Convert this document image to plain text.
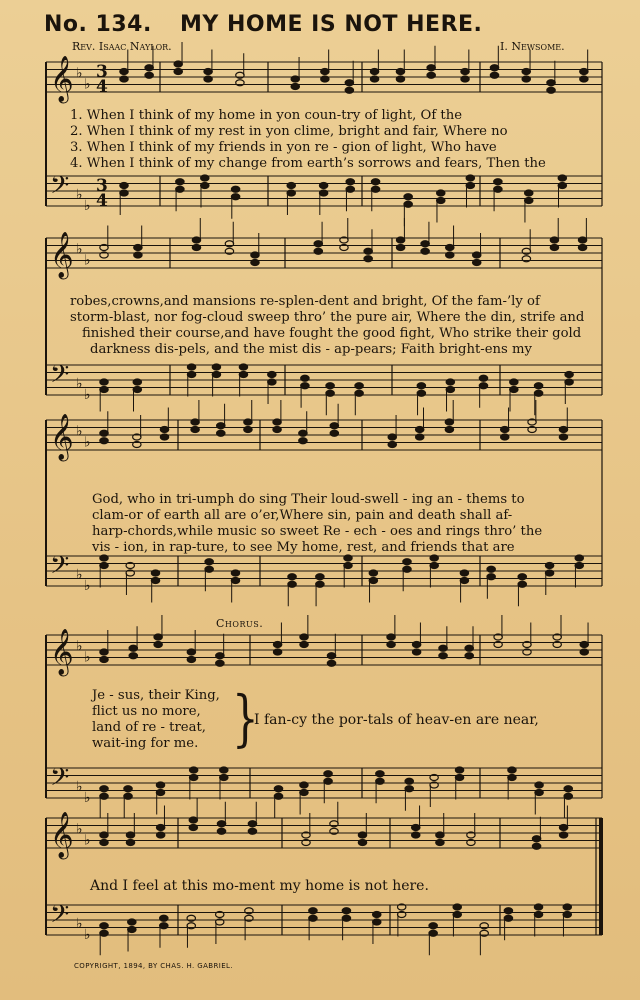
𝄞 ♭
♭
3
4
𝄢 ♭
♭
3
4
𝄞 ♭
♭
𝄢 ♭
♭
𝄞 ♭
♭
𝄢 ♭
♭
𝄞 ♭
♭
𝄢 ♭
♭
𝄞 ♭
♭
𝄢 ♭
♭
No. 134. MY HOME IS NOT HERE.
Rev. Isaac Naylor.	I. Newsome.
1. When I think of my home in yon coun-try of light, Of the
2. When I think of my rest in yon clime, bright and fair, Where no
3. When I think of my friends in yon re - gion of light, Who have
4. When I think of my change from earth’s sorrows and fears, Then the
robes,crowns,and mansions re-splen-dent and bright, Of the fam-’ly of
storm-blast, nor fog-cloud sweep thro’ the pure air, Where the din, strife and
finished their course,and have fought the good fight, Who strike their gold
darkness dis-pels, and the mist dis - ap-pears; Faith bright-ens my
God, who in tri-umph do sing Their loud-swell - ing an - thems to
clam-or of earth all are o’er,Where sin, pain and death shall af-
harp-chords,while music so sweet Re - ech - oes and rings thro’ the
vis - ion, in rap-ture, to see My home, rest, and friends that are
Chorus.
Je - sus, their King,
flict us no more,
land of re - treat,
wait-ing for me. }
I fan-cy the por-tals of heav-en are near,
And I feel at this mo-ment my home is not here.
COPYRIGHT, 1894, BY CHAS. H. GABRIEL.
